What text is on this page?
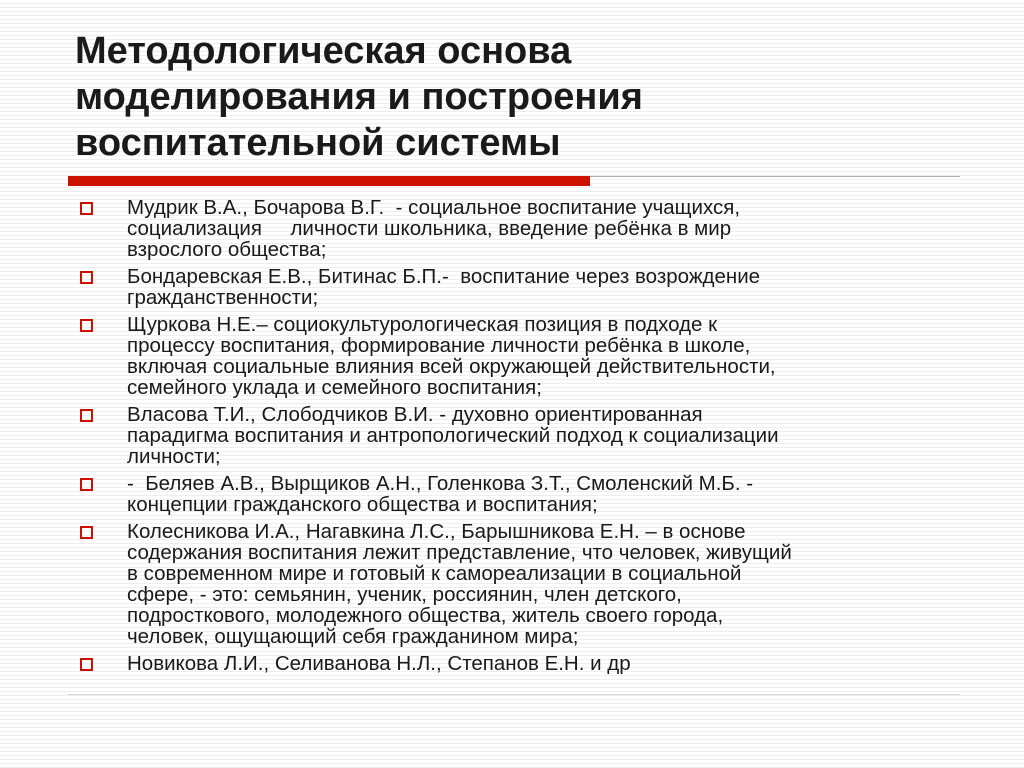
Методологическая основа
моделирования и построения
воспитательной системы
Мудрик В.А., Бочарова В.Г.  - социальное воспитание учащихся,
социализация     личности школьника, введение ребёнка в мир
взрослого общества;
Бондаревская Е.В., Битинас Б.П.-  воспитание через возрождение
гражданственности;
Щуркова Н.Е.– социокультурологическая позиция в подходе к
процессу воспитания, формирование личности ребёнка в школе,
включая социальные влияния всей окружающей действительности,
семейного уклада и семейного воспитания;
Власова Т.И., Слободчиков В.И. - духовно ориентированная
парадигма воспитания и антропологический подход к социализации
личности;
-  Беляев А.В., Вырщиков А.Н., Голенкова З.Т., Смоленский М.Б. -
концепции гражданского общества и воспитания;
Колесникова И.А., Нагавкина Л.С., Барышникова Е.Н. – в основе
содержания воспитания лежит представление, что человек, живущий
в современном мире и готовый к самореализации в социальной
сфере, - это: семьянин, ученик, россиянин, член детского,
подросткового, молодежного общества, житель своего города,
человек, ощущающий себя гражданином мира;
Новикова Л.И., Селиванова Н.Л., Степанов Е.Н. и др
